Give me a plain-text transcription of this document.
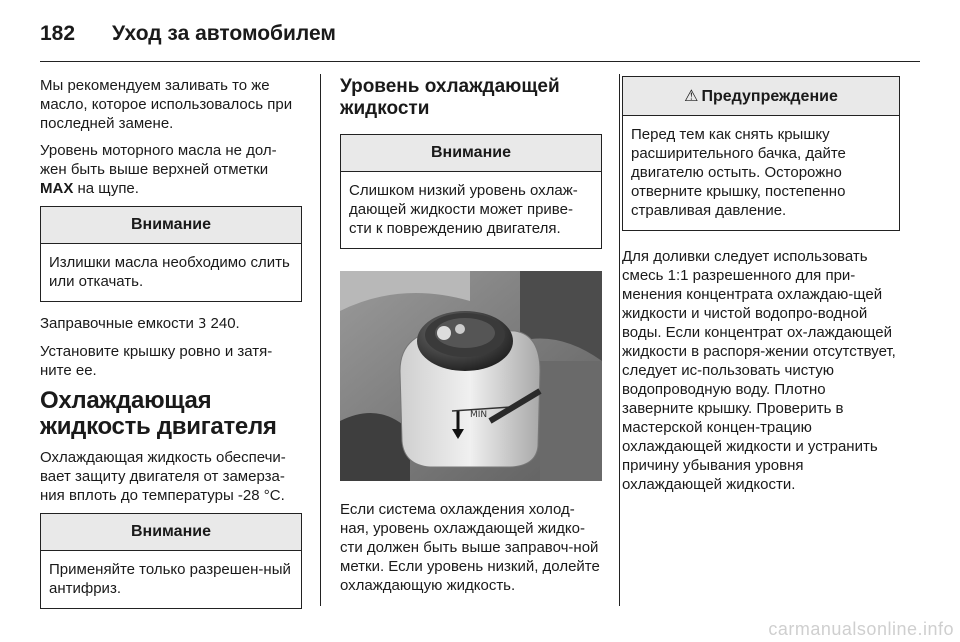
182	Уход за автомобилем

Мы рекомендуем заливать то же масло, которое использовалось при последней замене.

Уровень моторного масла не дол-жен быть выше верхней отметки MAX на щупе.

Внимание
Излишки масла необходимо слить или откачать.

Заправочные емкости 3 240.

Установите крышку ровно и затя-ните ее.

Охлаждающая жидкость двигателя

Охлаждающая жидкость обеспечи-вает защиту двигателя от замерза-ния вплоть до температуры -28 °C.

Внимание
Применяйте только разрешен-ный антифриз.
Уровень охлаждающей жидкости
Внимание
Слишком низкий уровень охлаж-дающей жидкости может приве-сти к повреждению двигателя.
MIN

Если система охлаждения холод-ная, уровень охлаждающей жидко-сти должен быть выше заправоч-ной метки. Если уровень низкий, долейте охлаждающую жидкость.

⚠ Предупреждение
Перед тем как снять крышку расширительного бачка, дайте двигателю остыть. Осторожно отверните крышку, постепенно стравливая давление.

Для доливки следует использовать смесь 1:1 разрешенного для при-менения концентрата охлаждаю-щей жидкости и чистой водопро-водной воды. Если концентрат ох-лаждающей жидкости в распоря-жении отсутствует, следует ис-пользовать чистую водопроводную воду. Плотно заверните крышку. Проверить в мастерской концен-трацию охлаждающей жидкости и устранить причину убывания уровня охлаждающей жидкости.

carmanualsonline.info
